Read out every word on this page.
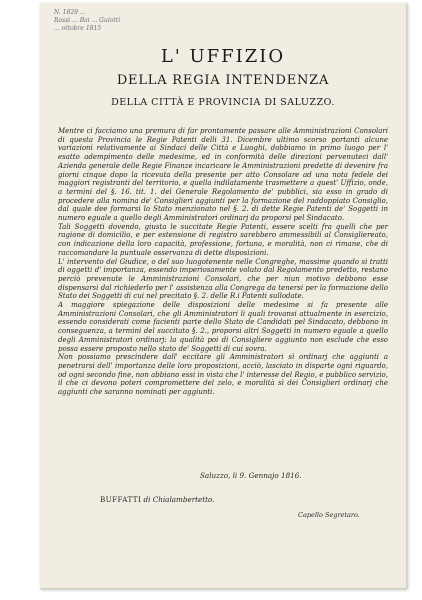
N. 1829 ...
Rossi ... Bai ... Guiotti
... ottobre 1815
L' UFFIZIO
DELLA REGIA INTENDENZA
DELLA CITTÀ E PROVINCIA DI SALUZZO.

Mentre ci facciamo una premura di far prontamente passare alle Amministrazioni Consolari di questa Provincia le Regie Patenti delli 31. Dicembre ultimo scorso portanti alcune variazioni relativamente ai Sindaci delle Città e Luoghi, dobbiamo in primo luogo per l' esatto adempimento delle medesime, ed in conformità delle direzioni pervenuteci dall' Azienda generale delle Regie Finanze incaricare le Amministrazioni predette di devenire fra giorni cinque dopo la ricevuta della presente per atto Consolare ad una nota fedele dei maggiori registranti del territorio, e quella indilatamente trasmettere a quest' Uffizio, onde, a termini del §. 16. tit. 1. del Generale Regolamento de' pubblici, sia esso in grado di procedere alla nomina de' Consiglieri aggiunti per la formazione del raddoppiato Consiglio, dal quale dee formarsi lo Stato menzionato nel §. 2. di dette Regie Patenti de' Soggetti in numero eguale a quello degli Amministratori ordinarj da proporsi pel Sindacato.

Tali Soggetti dovendo, giusta le succitate Regie Patenti, essere scelti fra quelli che per ragione di domicilio, e per estensione di registro sarebbero ammessibili al Consigliereato, con indicazione della loro capacità, professione, fortuna, e moralità, non ci rimane, che di raccomandare la puntuale osservanza di dette disposizioni.

L' intervento del Giudice, o del suo luogotenente nelle Congreghe, massime quando si tratti di oggetti d' importanza, essendo imperiosamente voluto dal Regolamento predetto, restano perciò prevenute le Amministrazioni Consolari, che per niun motivo debbono esse dispensarsi dal richiederlo per l' assistenza alla Congrega da tenersi per la formazione dello Stato dei Soggetti di cui nel precitato §. 2. delle R.i Patenti sullodate.

A maggiore spiegazione delle disposizioni delle medesime si fa presente alle Amministrazioni Consolari, che gli Amministratori li quali trovansi attualmente in esercizio, essendo considerati come facienti parte dello Stato de Candidati pel Sindacato, debbono in conseguenza, a termini del succitato §. 2., proporsi altri Soggetti in numero eguale a quello degli Amministratori ordinarj: la qualità poi di Consigliere aggiunto non esclude che esso possa essere proposto nello stato de' Soggetti di cui sovra.

Non possiamo prescindere dall' eccitare gli Amministratori sì ordinarj che aggiunti a penetrarsi dell' importanza delle loro proposizioni, acciò, lasciato in disparte ogni riguardo, od ogni secondo fine, non abbiano essi in vista che l' interesse del Regio, e pubblico servizio, il che ci devono poteri compromettere del zelo, e moralità sì dei Consiglieri ordinarj che aggiunti che saranno nominati per aggiunti.

Saluzzo, li 9. Gennajo 1816.
BUFFATTI di Chialambertetto.
Capello Segretaro.
